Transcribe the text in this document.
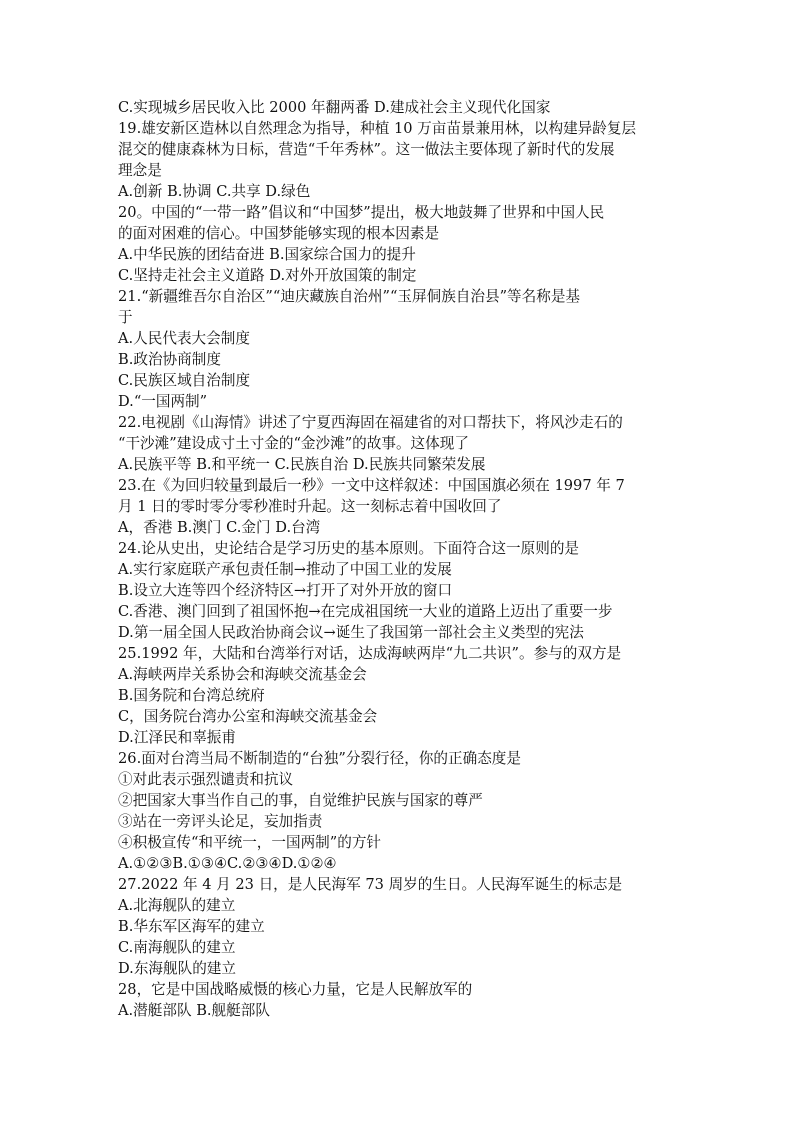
C.实现城乡居民收入比 2000 年翻两番 D.建成社会主义现代化国家
19.雄安新区造林以自然理念为指导，种植 10 万亩苗景兼用林，以构建异龄复层
混交的健康森林为日标，营造“千年秀林”。这一做法主要体现了新时代的发展
理念是
A.创新 B.协调 C.共享 D.绿色
20。中国的“一带一路”倡议和“中国梦”提出，极大地鼓舞了世界和中国人民
的面对困难的信心。中国梦能够实现的根本因素是
A.中华民族的团结奋进 B.国家综合国力的提升
C.坚持走社会主义道路 D.对外开放国策的制定
21.“新疆维吾尔自治区”“迪庆藏族自治州”“玉屏侗族自治县”等名称是基
于
A.人民代表大会制度
B.政治协商制度
C.民族区域自治制度
D.“一国两制”
22.电视剧《山海情》讲述了宁夏西海固在福建省的对口帮扶下，将风沙走石的
“干沙滩”建设成寸土寸金的“金沙滩”的故事。这体现了
A.民族平等 B.和平统一 C.民族自治 D.民族共同繁荣发展
23.在《为回归较量到最后一秒》一文中这样叙述：中国国旗必须在 1997 年 7
月 1 日的零时零分零秒准时升起。这一刻标志着中国收回了
A，香港 B.澳门 C.金门 D.台湾
24.论从史出，史论结合是学习历史的基本原则。下面符合这一原则的是
A.实行家庭联产承包责任制→推动了中国工业的发展
B.设立大连等四个经济特区→打开了对外开放的窗口
C.香港、澳门回到了祖国怀抱→在完成祖国统一大业的道路上迈出了重要一步
D.第一届全国人民政治协商会议→诞生了我国第一部社会主义类型的宪法
25.1992 年，大陆和台湾举行对话，达成海峡两岸“九二共识”。参与的双方是
A.海峡两岸关系协会和海峡交流基金会
B.国务院和台湾总统府
C，国务院台湾办公室和海峡交流基金会
D.江泽民和辜振甫
26.面对台湾当局不断制造的“台独”分裂行径，你的正确态度是
①对此表示强烈谴责和抗议
②把国家大事当作自己的事，自觉维护民族与国家的尊严
③站在一旁评头论足，妄加指责
④积极宣传“和平统一，一国两制”的方针
A.①②③B.①③④C.②③④D.①②④
27.2022 年 4 月 23 日，是人民海军 73 周岁的生日。人民海军诞生的标志是
A.北海舰队的建立
B.华东军区海军的建立
C.南海舰队的建立
D.东海舰队的建立
28，它是中国战略威慑的核心力量，它是人民解放军的
A.潜艇部队 B.舰艇部队
